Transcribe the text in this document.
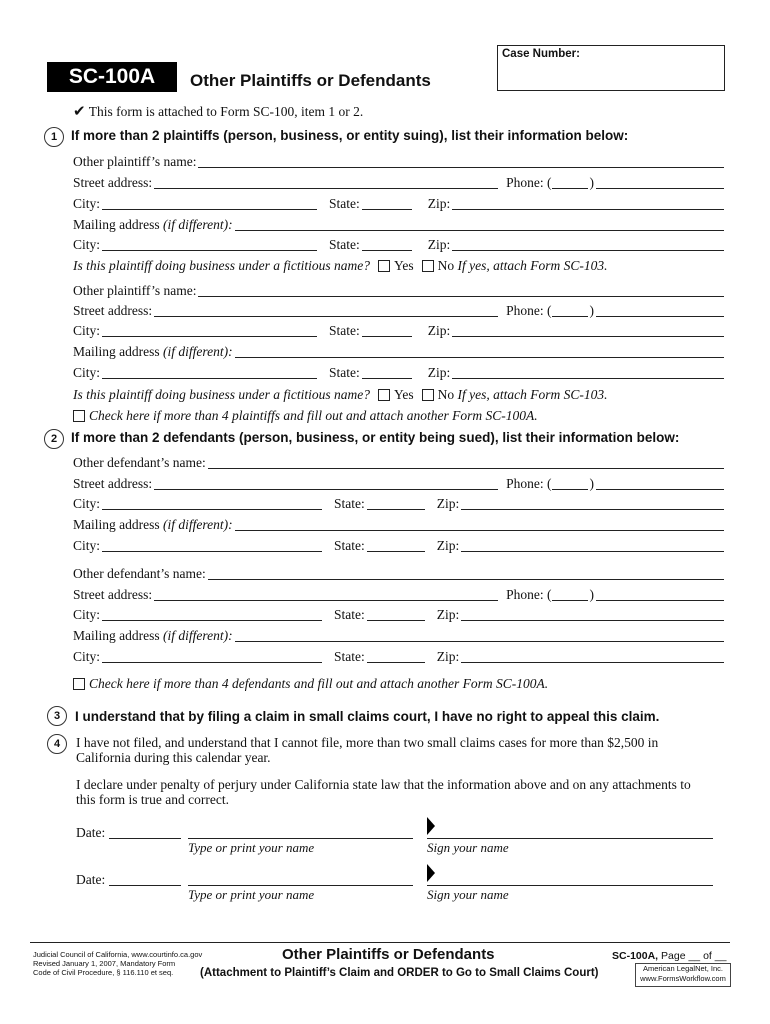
Case Number:
SC-100A	Other Plaintiffs or Defendants
✔ This form is attached to Form SC-100, item 1 or 2.
1	If more than 2 plaintiffs (person, business, or entity suing), list their information below:
Other plaintiff’s name:
Street address:	Phone: (	)
City:	State:	Zip:
Mailing address
(if different):
City:	State:	Zip:
Is this plaintiff doing business under a fictitious name? Yes No
If yes, attach Form SC-103.
Other plaintiff’s name:
Street address:	Phone: (	)
City:	State:	Zip:
Mailing address
(if different):
City:	State:	Zip:
Is this plaintiff doing business under a fictitious name? Yes No
If yes, attach Form SC-103.
Check here if more than 4 plaintiffs and fill out and attach another Form SC-100A.
2	If more than 2 defendants (person, business, or entity being sued), list their information below:
Other defendant’s name:
Street address:	Phone: (	)
City:	State:	Zip:
Mailing address
(if different):
City:	State:	Zip:
Other defendant’s name:
Street address:	Phone: (	)
City:	State:	Zip:
Mailing address
(if different):
City:	State:	Zip:
Check here if more than 4 defendants and fill out and attach another Form SC-100A.
3	I understand that by filing a claim in small claims court, I have no right to appeal this claim.
4	I have not filed, and understand that I cannot file, more than two small claims cases for more than $2,500 in
California during this calendar year.
I declare under penalty of perjury under California state law that the information above and on any attachments to
this form is true and correct.
Date:
Type or print your name	Sign your name
Date:
Type or print your name	Sign your name
Judicial Council of California, www.courtinfo.ca.gov
Revised January 1, 2007, Mandatory Form
Code of Civil Procedure, § 116.110 et seq.
Other Plaintiffs or Defendants
(Attachment to Plaintiff’s Claim and ORDER to Go to Small Claims Court)
SC-100A, Page __ of __
American LegalNet, Inc.
www.FormsWorkflow.com
